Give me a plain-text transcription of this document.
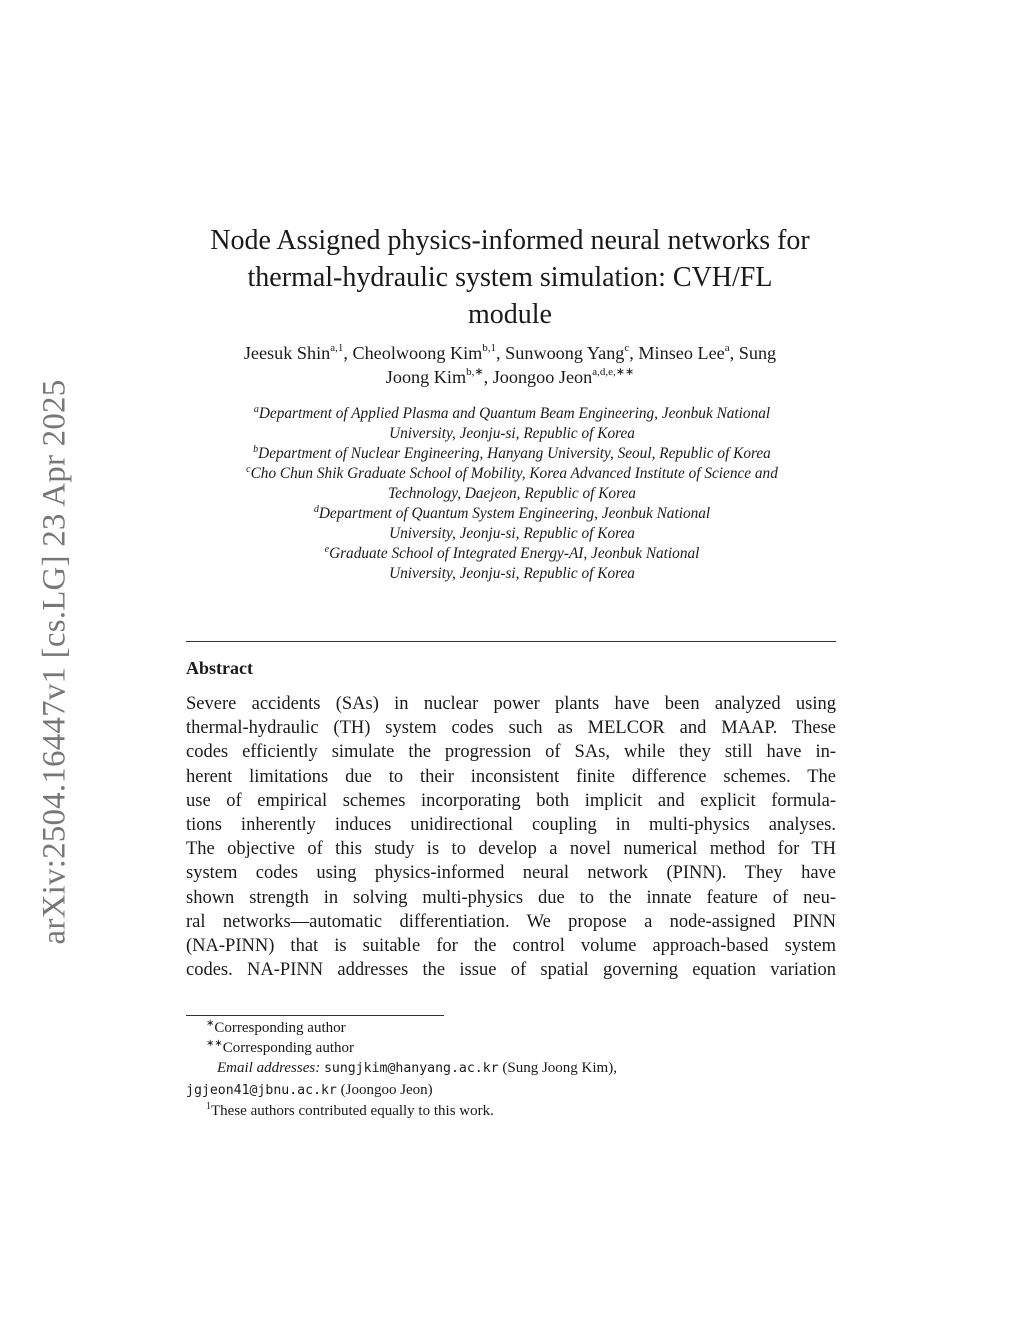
arXiv:2504.16447v1 [cs.LG] 23 Apr 2025
Node Assigned physics-informed neural networks for
thermal-hydraulic system simulation: CVH/FL
module
Jeesuk Shin$^{a,1}$, Cheolwoong Kim$^{b,1}$, Sunwoong Yang$^c$, Minseo Lee$^a$, Sung
Joong Kim$^{b,∗}$, Joongoo Jeon$^{a,d,e,∗∗}$
$^a$Department of Applied Plasma and Quantum Beam Engineering, Jeonbuk National
University, Jeonju-si, Republic of Korea
$^b$Department of Nuclear Engineering, Hanyang University, Seoul, Republic of Korea
$^c$Cho Chun Shik Graduate School of Mobility, Korea Advanced Institute of Science and
Technology, Daejeon, Republic of Korea
$^d$Department of Quantum System Engineering, Jeonbuk National
University, Jeonju-si, Republic of Korea
$^e$Graduate School of Integrated Energy-AI, Jeonbuk National
University, Jeonju-si, Republic of Korea
Abstract
Severe accidents (SAs) in nuclear power plants have been analyzed using
thermal-hydraulic (TH) system codes such as MELCOR and MAAP. These
codes efficiently simulate the progression of SAs, while they still have in-
herent limitations due to their inconsistent finite difference schemes. The
use of empirical schemes incorporating both implicit and explicit formula-
tions inherently induces unidirectional coupling in multi-physics analyses.
The objective of this study is to develop a novel numerical method for TH
system codes using physics-informed neural network (PINN). They have
shown strength in solving multi-physics due to the innate feature of neu-
ral networks—automatic differentiation. We propose a node-assigned PINN
(NA-PINN) that is suitable for the control volume approach-based system
codes. NA-PINN addresses the issue of spatial governing equation variation
∗Corresponding author
∗∗Corresponding author
Email addresses: sungjkim@hanyang.ac.kr (Sung Joong Kim),
jgjeon41@jbnu.ac.kr (Joongoo Jeon)
$^1$These authors contributed equally to this work.
